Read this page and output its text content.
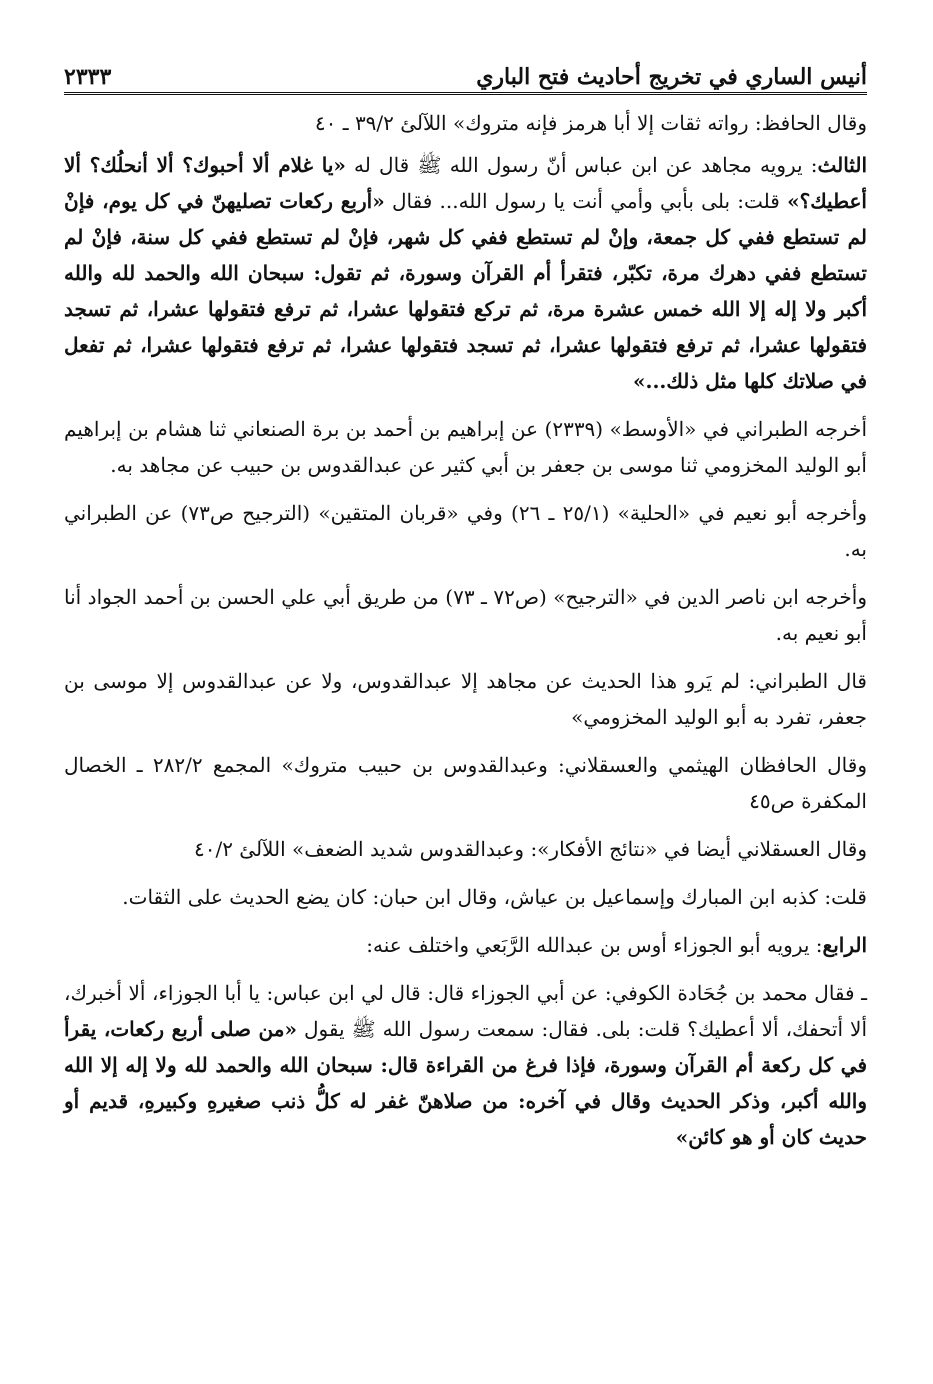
أنيس الساري في تخريج أحاديث فتح الباري
٢٣٣٣

وقال الحافظ: رواته ثقات إلا أبا هرمز فإنه متروك» اللآلئ ٣٩/٢ ـ ٤٠

الثالث: يرويه مجاهد عن ابن عباس أنّ رسول الله ﷺ قال له «يا غلام ألا أحبوك؟ ألا أنحلُك؟ ألا أعطيك؟» قلت: بلى بأبي وأمي أنت يا رسول الله... فقال «أربع ركعات تصليهنّ في كل يوم، فإنْ لم تستطع ففي كل جمعة، وإنْ لم تستطع ففي كل شهر، فإنْ لم تستطع ففي كل سنة، فإنْ لم تستطع ففي دهرك مرة، تكبّر، فتقرأ أم القرآن وسورة، ثم تقول: سبحان الله والحمد لله والله أكبر ولا إله إلا الله خمس عشرة مرة، ثم تركع فتقولها عشرا، ثم ترفع فتقولها عشرا، ثم تسجد فتقولها عشرا، ثم ترفع فتقولها عشرا، ثم تسجد فتقولها عشرا، ثم ترفع فتقولها عشرا، ثم تفعل في صلاتك كلها مثل ذلك...»

أخرجه الطبراني في «الأوسط» (٢٣٣٩) عن إبراهيم بن أحمد بن برة الصنعاني ثنا هشام بن إبراهيم أبو الوليد المخزومي ثنا موسى بن جعفر بن أبي كثير عن عبدالقدوس بن حبيب عن مجاهد به.

وأخرجه أبو نعيم في «الحلية» (٢٥/١ ـ ٢٦) وفي «قربان المتقين» (الترجيح ص٧٣) عن الطبراني به.

وأخرجه ابن ناصر الدين في «الترجيح» (ص٧٢ ـ ٧٣) من طريق أبي علي الحسن بن أحمد الجواد أنا أبو نعيم به.

قال الطبراني: لم يَرو هذا الحديث عن مجاهد إلا عبدالقدوس، ولا عن عبدالقدوس إلا موسى بن جعفر، تفرد به أبو الوليد المخزومي»

وقال الحافظان الهيثمي والعسقلاني: وعبدالقدوس بن حبيب متروك» المجمع ٢٨٢/٢ ـ الخصال المكفرة ص٤٥

وقال العسقلاني أيضا في «نتائج الأفكار»: وعبدالقدوس شديد الضعف» اللآلئ ٤٠/٢

قلت: كذبه ابن المبارك وإسماعيل بن عياش، وقال ابن حبان: كان يضع الحديث على الثقات.

الرابع: يرويه أبو الجوزاء أوس بن عبدالله الرَّبَعي واختلف عنه:

ـ فقال محمد بن جُحَادة الكوفي: عن أبي الجوزاء قال: قال لي ابن عباس: يا أبا الجوزاء، ألا أخبرك، ألا أتحفك، ألا أعطيك؟ قلت: بلى. فقال: سمعت رسول الله ﷺ يقول «من صلى أربع ركعات، يقرأ في كل ركعة أم القرآن وسورة، فإذا فرغ من القراءة قال: سبحان الله والحمد لله ولا إله إلا الله والله أكبر، وذكر الحديث وقال في آخره: من صلاهنّ غفر له كلُّ ذنب صغيرهِ وكبيرهِ، قديم أو حديث كان أو هو كائن»
